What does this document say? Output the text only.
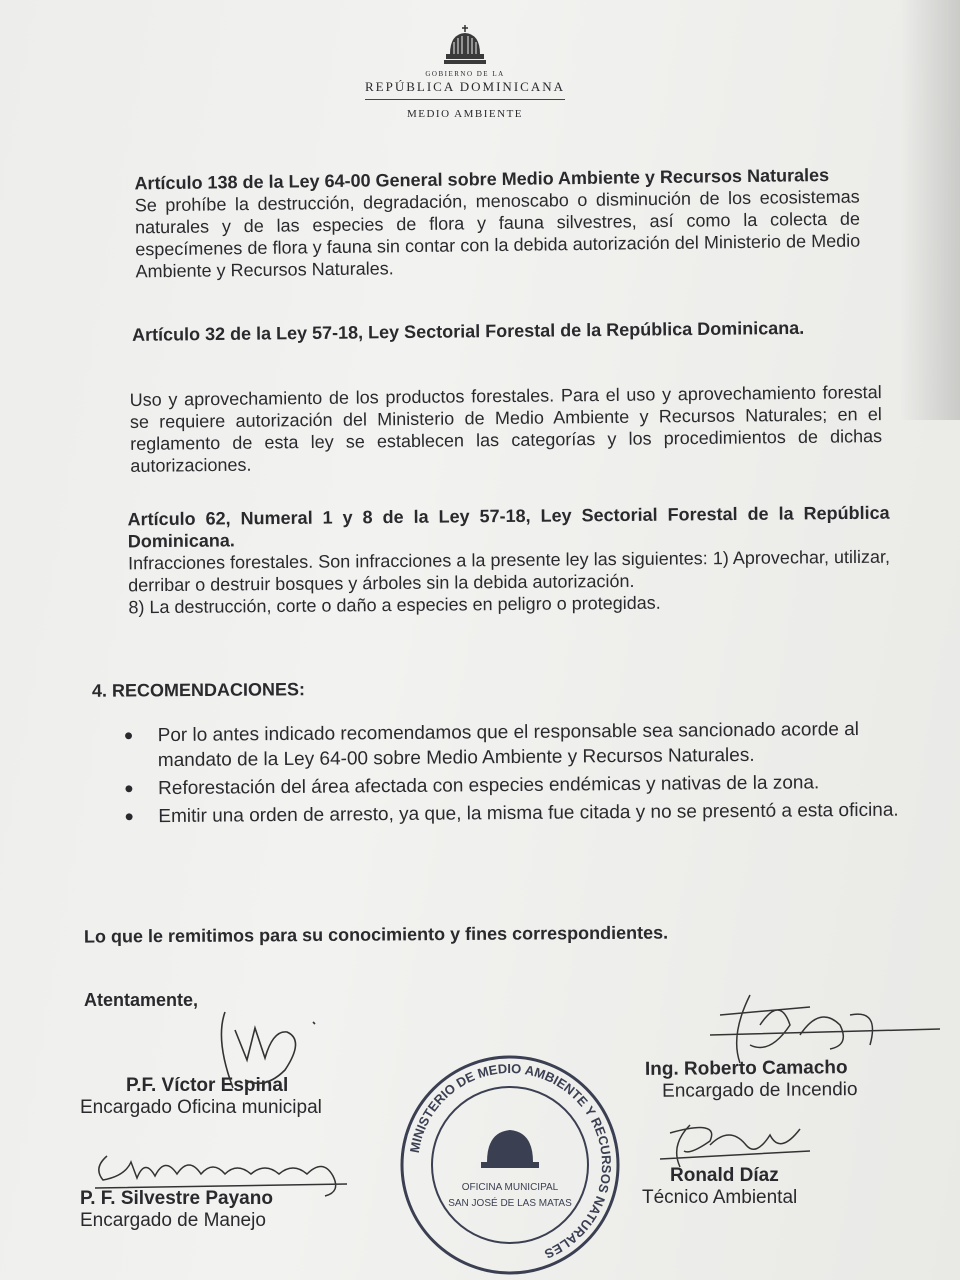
GOBIERNO DE LA
REPÚBLICA DOMINICANA
MEDIO AMBIENTE

Artículo 138 de la Ley 64-00 General sobre Medio Ambiente y Recursos Naturales

Se prohíbe la destrucción, degradación, menoscabo o disminución de los ecosistemas naturales y de las especies de flora y fauna silvestres, así como la colecta de especímenes de flora y fauna sin contar con la debida autorización del Ministerio de Medio Ambiente y Recursos Naturales.

Artículo 32 de la Ley 57-18, Ley Sectorial Forestal de la República Dominicana.

Uso y aprovechamiento de los productos forestales. Para el uso y aprovechamiento forestal se requiere autorización del Ministerio de Medio Ambiente y Recursos Naturales; en el reglamento de esta ley se establecen las categorías y los procedimientos de dichas autorizaciones.

Artículo 62, Numeral 1 y 8 de la Ley 57-18, Ley Sectorial Forestal de la República Dominicana.

Infracciones forestales. Son infracciones a la presente ley las siguientes: 1) Aprovechar, utilizar, derribar o destruir bosques y árboles sin la debida autorización.

8) La destrucción, corte o daño a especies en peligro o protegidas.

4. RECOMENDACIONES:
● Por lo antes indicado recomendamos que el responsable sea sancionado acorde al mandato de la Ley 64-00 sobre Medio Ambiente y Recursos Naturales.
● Reforestación del área afectada con especies endémicas y nativas de la zona.
● Emitir una orden de arresto, ya que, la misma fue citada y no se presentó a esta oficina.
Lo que le remitimos para su conocimiento y fines correspondientes.
Atentamente,
P.F. Víctor Espinal
Encargado Oficina municipal
P. F. Silvestre Payano
Encargado de Manejo
Ing. Roberto Camacho
Encargado de Incendio
Ronald Díaz
Técnico Ambiental
MINISTERIO DE MEDIO AMBIENTE Y RECURSOS NATURALES
OFICINA MUNICIPAL
SAN JOSÉ DE LAS MATAS
